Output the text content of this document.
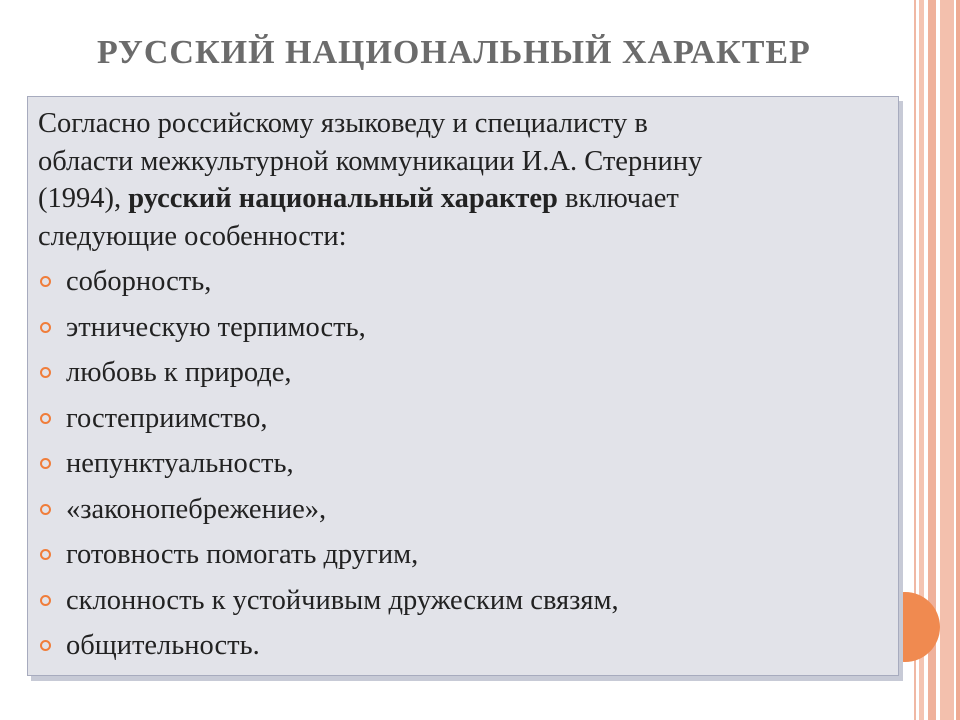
РУССКИЙ НАЦИОНАЛЬНЫЙ ХАРАКТЕР

Согласно российскому языковеду и специалисту в
области межкультурной коммуникации И.А. Стернину
(1994), русский национальный характер включает
следующие особенности:

соборность,
этническую терпимость,
любовь к природе,
гостеприимство,
непунктуальность,
«законопебрежение»,
готовность помогать другим,
склонность к устойчивым дружеским связям,
общительность.
